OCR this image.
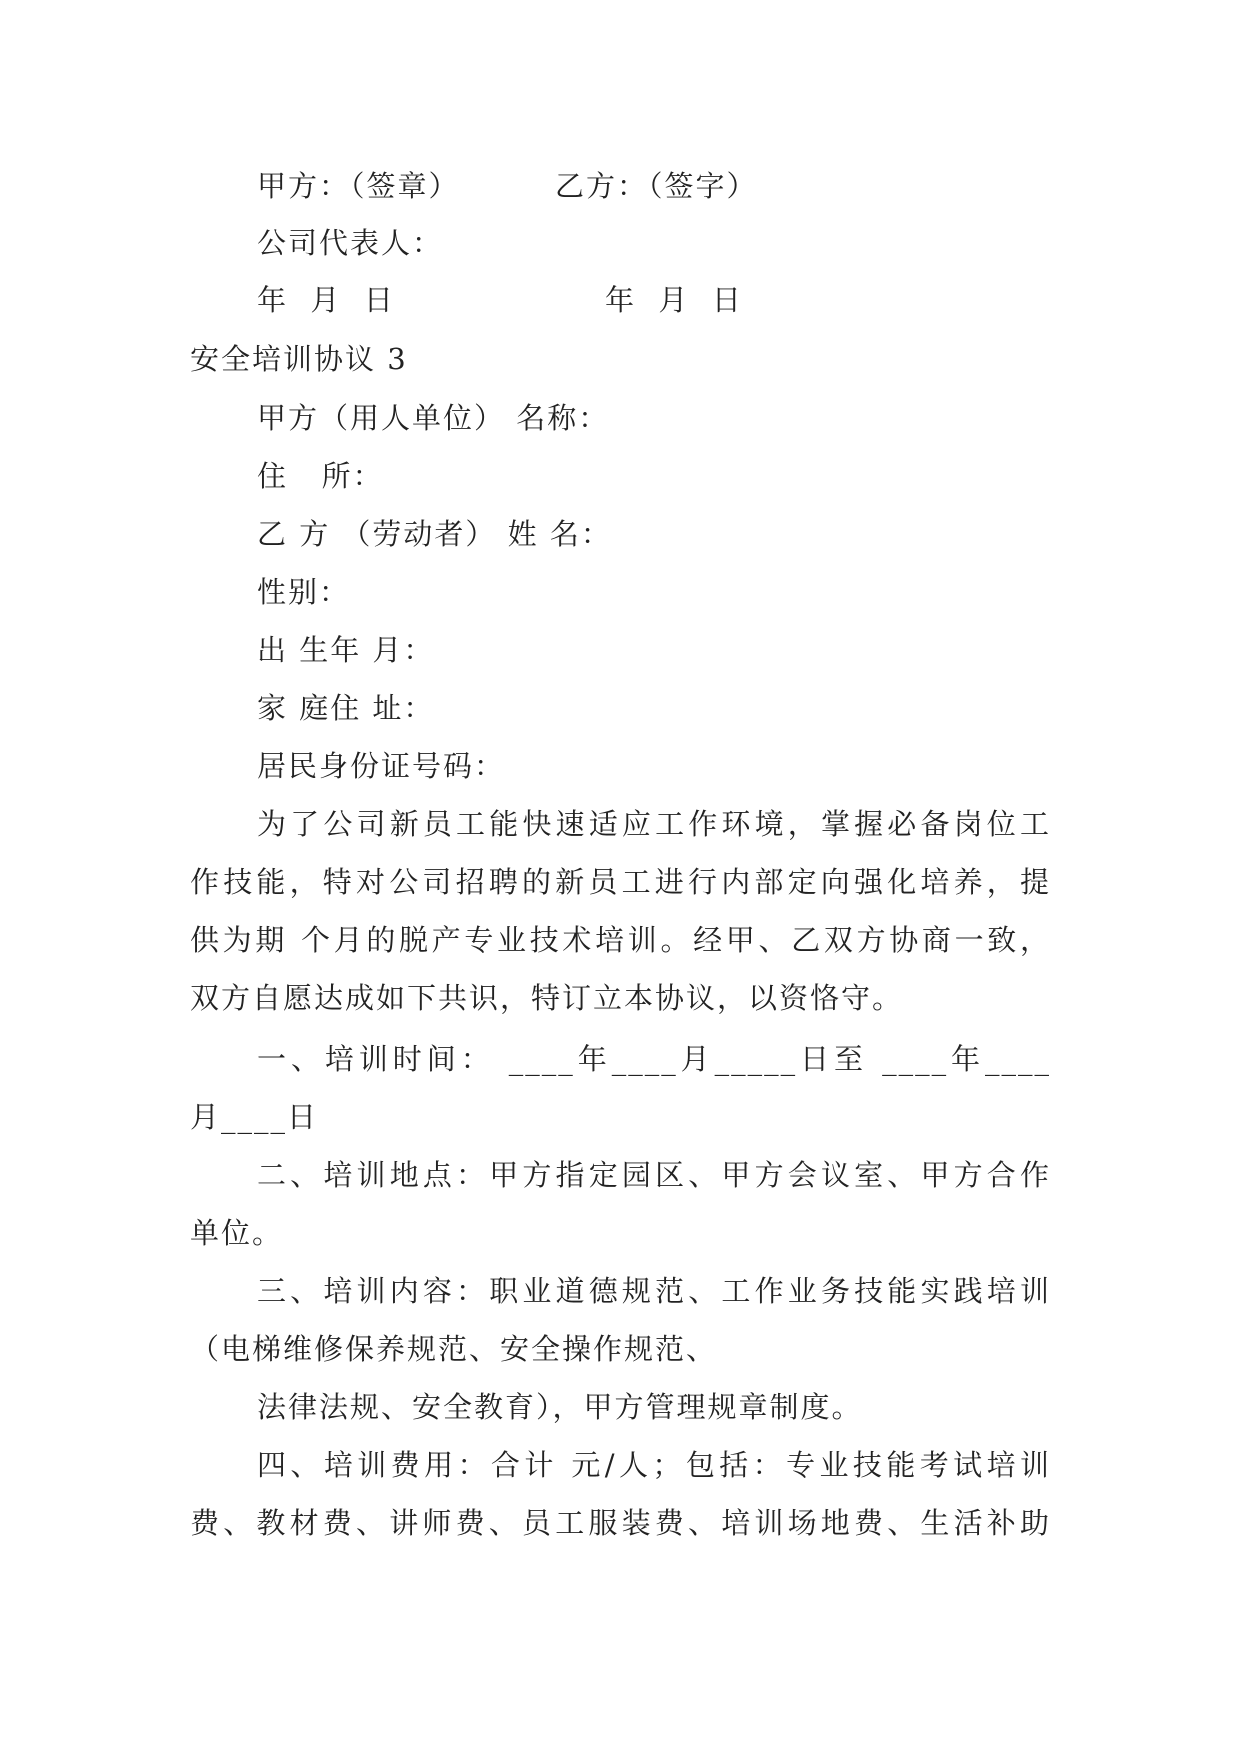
甲方：（签章）	乙方：（签字）
公司代表人：
年  月  日	年  月  日
安全培训协议 3
甲方（用人单位） 名称：
住   所：
乙 方 （劳动者） 姓 名：
性别：
出 生年 月：
家 庭住 址：
居民身份证号码：
为了公司新员工能快速适应工作环境，掌握必备岗位工
作技能，特对公司招聘的新员工进行内部定向强化培养，提
供为期 个月的脱产专业技术培训。经甲、乙双方协商一致，
双方自愿达成如下共识，特订立本协议，以资恪守。
一、培训时间： ____年____月_____日至 ____年____
月____日
二、培训地点：甲方指定园区、甲方会议室、甲方合作
单位。
三、培训内容：职业道德规范、工作业务技能实践培训
（电梯维修保养规范、安全操作规范、
法律法规、安全教育），甲方管理规章制度。
四、培训费用：合计 元/人；包括：专业技能考试培训
费、教材费、讲师费、员工服装费、培训场地费、生活补助
